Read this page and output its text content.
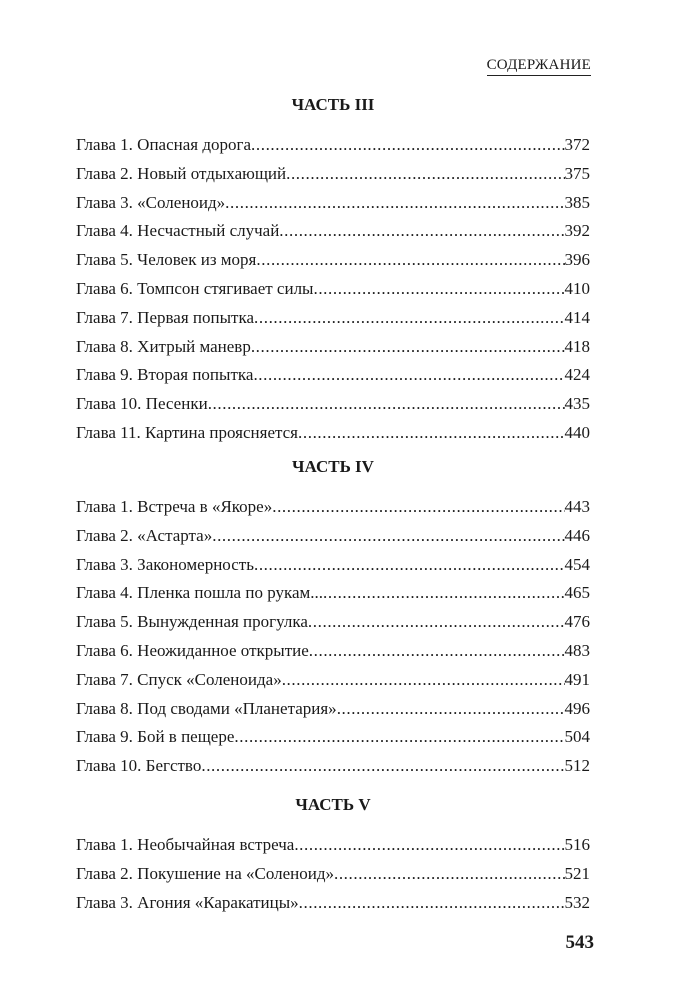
СОДЕРЖАНИЕ
ЧАСТЬ III
Глава 1. Опасная дорога .....	372
Глава 2. Новый отдыхающий .....	375
Глава 3. «Соленоид» .....	385
Глава 4. Несчастный случай .....	392
Глава 5. Человек из моря .....	396
Глава 6. Томпсон стягивает силы .....	410
Глава 7. Первая попытка .....	414
Глава 8. Хитрый маневр .....	418
Глава 9. Вторая попытка .....	424
Глава 10. Песенки .....	435
Глава 11. Картина проясняется .....	440
ЧАСТЬ IV
Глава 1. Встреча в «Якоре» .....	443
Глава 2. «Астарта» .....	446
Глава 3. Закономерность .....	454
Глава 4. Пленка пошла по рукам... .....	465
Глава 5. Вынужденная прогулка .....	476
Глава 6. Неожиданное открытие .....	483
Глава 7. Спуск «Соленоида» .....	491
Глава 8. Под сводами «Планетария» .....	496
Глава 9. Бой в пещере .....	504
Глава 10. Бегство .....	512
ЧАСТЬ V
Глава 1. Необычайная встреча .....	516
Глава 2. Покушение на «Соленоид» .....	521
Глава 3. Агония «Каракатицы» .....	532
543
